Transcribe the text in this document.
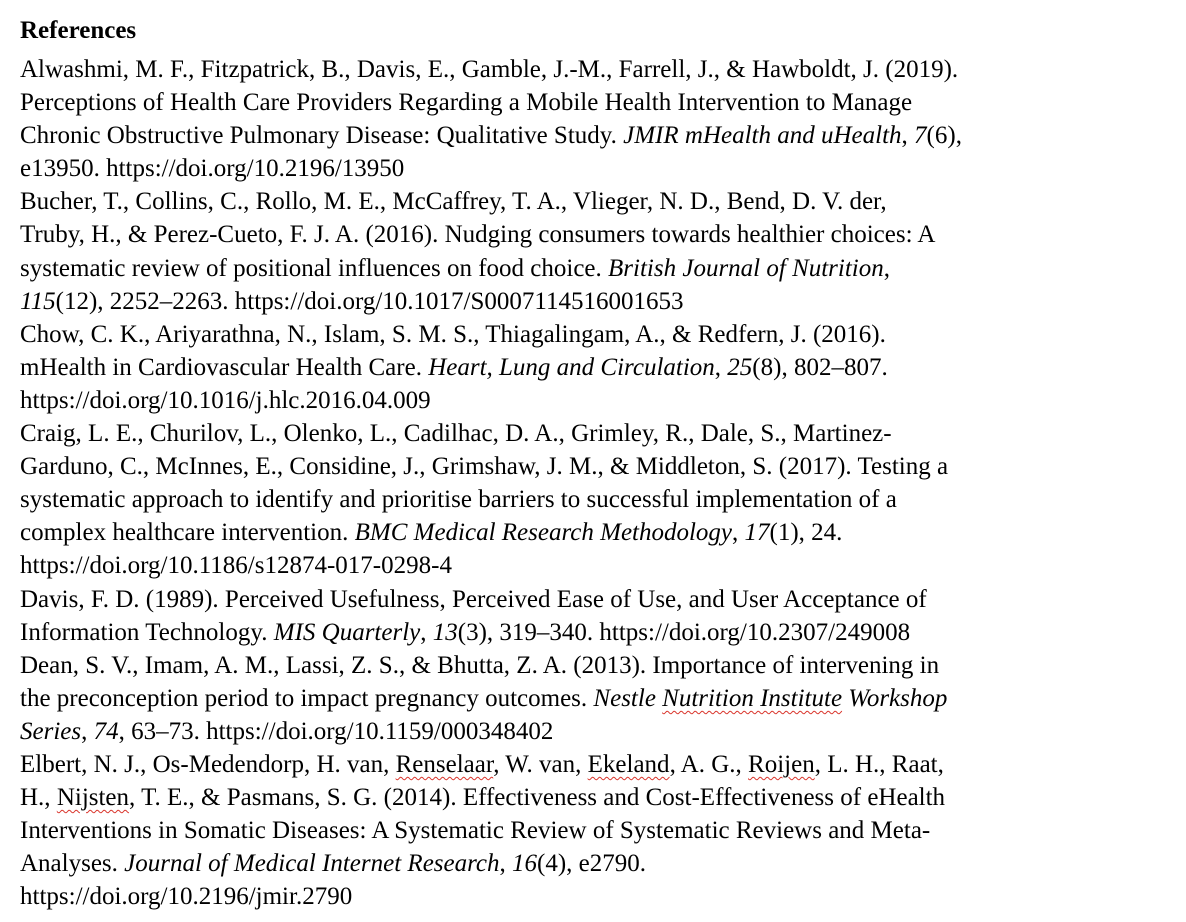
References
Alwashmi, M. F., Fitzpatrick, B., Davis, E., Gamble, J.-M., Farrell, J., & Hawboldt, J. (2019).
Perceptions of Health Care Providers Regarding a Mobile Health Intervention to Manage
Chronic Obstructive Pulmonary Disease: Qualitative Study. JMIR mHealth and uHealth, 7(6),
e13950. https://doi.org/10.2196/13950
Bucher, T., Collins, C., Rollo, M. E., McCaffrey, T. A., Vlieger, N. D., Bend, D. V. der,
Truby, H., & Perez-Cueto, F. J. A. (2016). Nudging consumers towards healthier choices: A
systematic review of positional influences on food choice. British Journal of Nutrition,
115(12), 2252–2263. https://doi.org/10.1017/S0007114516001653
Chow, C. K., Ariyarathna, N., Islam, S. M. S., Thiagalingam, A., & Redfern, J. (2016).
mHealth in Cardiovascular Health Care. Heart, Lung and Circulation, 25(8), 802–807.
https://doi.org/10.1016/j.hlc.2016.04.009
Craig, L. E., Churilov, L., Olenko, L., Cadilhac, D. A., Grimley, R., Dale, S., Martinez-
Garduno, C., McInnes, E., Considine, J., Grimshaw, J. M., & Middleton, S. (2017). Testing a
systematic approach to identify and prioritise barriers to successful implementation of a
complex healthcare intervention. BMC Medical Research Methodology, 17(1), 24.
https://doi.org/10.1186/s12874-017-0298-4
Davis, F. D. (1989). Perceived Usefulness, Perceived Ease of Use, and User Acceptance of
Information Technology. MIS Quarterly, 13(3), 319–340. https://doi.org/10.2307/249008
Dean, S. V., Imam, A. M., Lassi, Z. S., & Bhutta, Z. A. (2013). Importance of intervening in
the preconception period to impact pregnancy outcomes. Nestle Nutrition Institute Workshop
Series, 74, 63–73. https://doi.org/10.1159/000348402
Elbert, N. J., Os-Medendorp, H. van, Renselaar, W. van, Ekeland, A. G., Roijen, L. H., Raat,
H., Nijsten, T. E., & Pasmans, S. G. (2014). Effectiveness and Cost-Effectiveness of eHealth
Interventions in Somatic Diseases: A Systematic Review of Systematic Reviews and Meta-
Analyses. Journal of Medical Internet Research, 16(4), e2790.
https://doi.org/10.2196/jmir.2790
